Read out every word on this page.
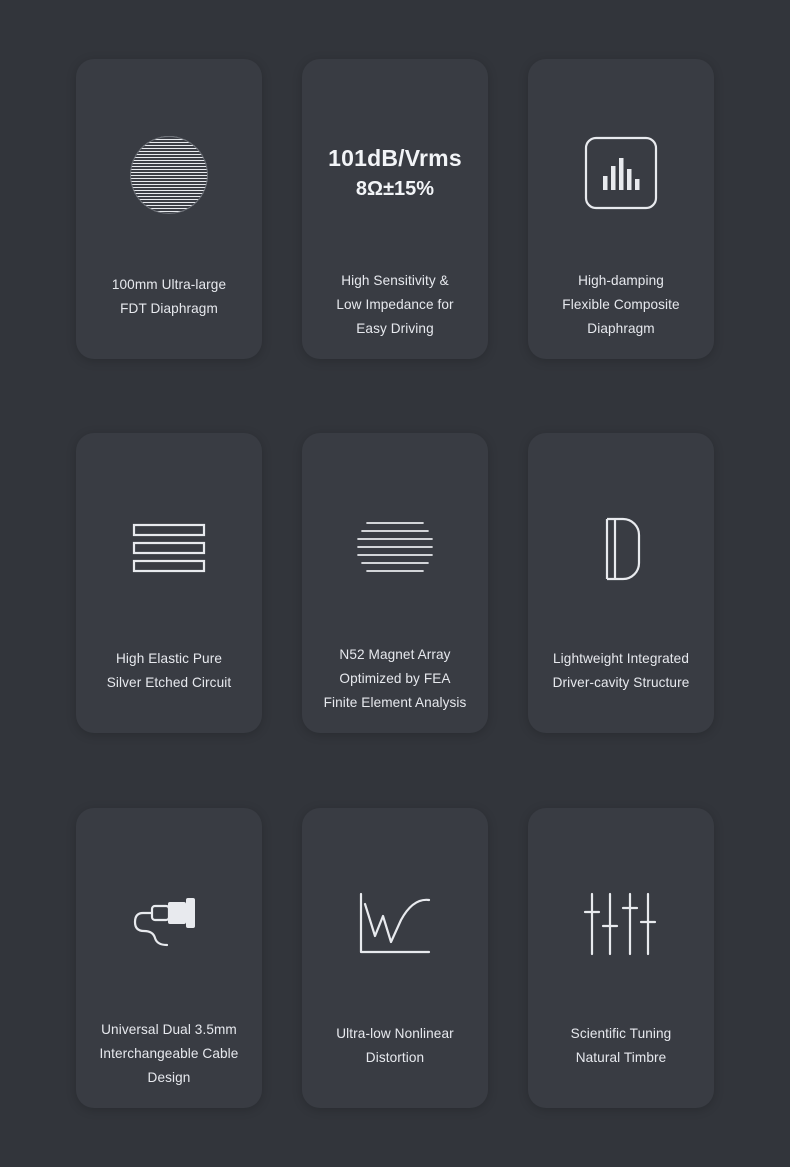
100mm Ultra-large
FDT Diaphragm
101dB/Vrms
8Ω±15%
High Sensitivity &
Low Impedance for
Easy Driving
High-damping
Flexible Composite
Diaphragm
High Elastic Pure
Silver Etched Circuit
N52 Magnet Array
Optimized by FEA
Finite Element Analysis
Lightweight Integrated
Driver-cavity Structure
Universal Dual 3.5mm
Interchangeable Cable
Design
Ultra-low Nonlinear
Distortion
Scientific Tuning
Natural Timbre
